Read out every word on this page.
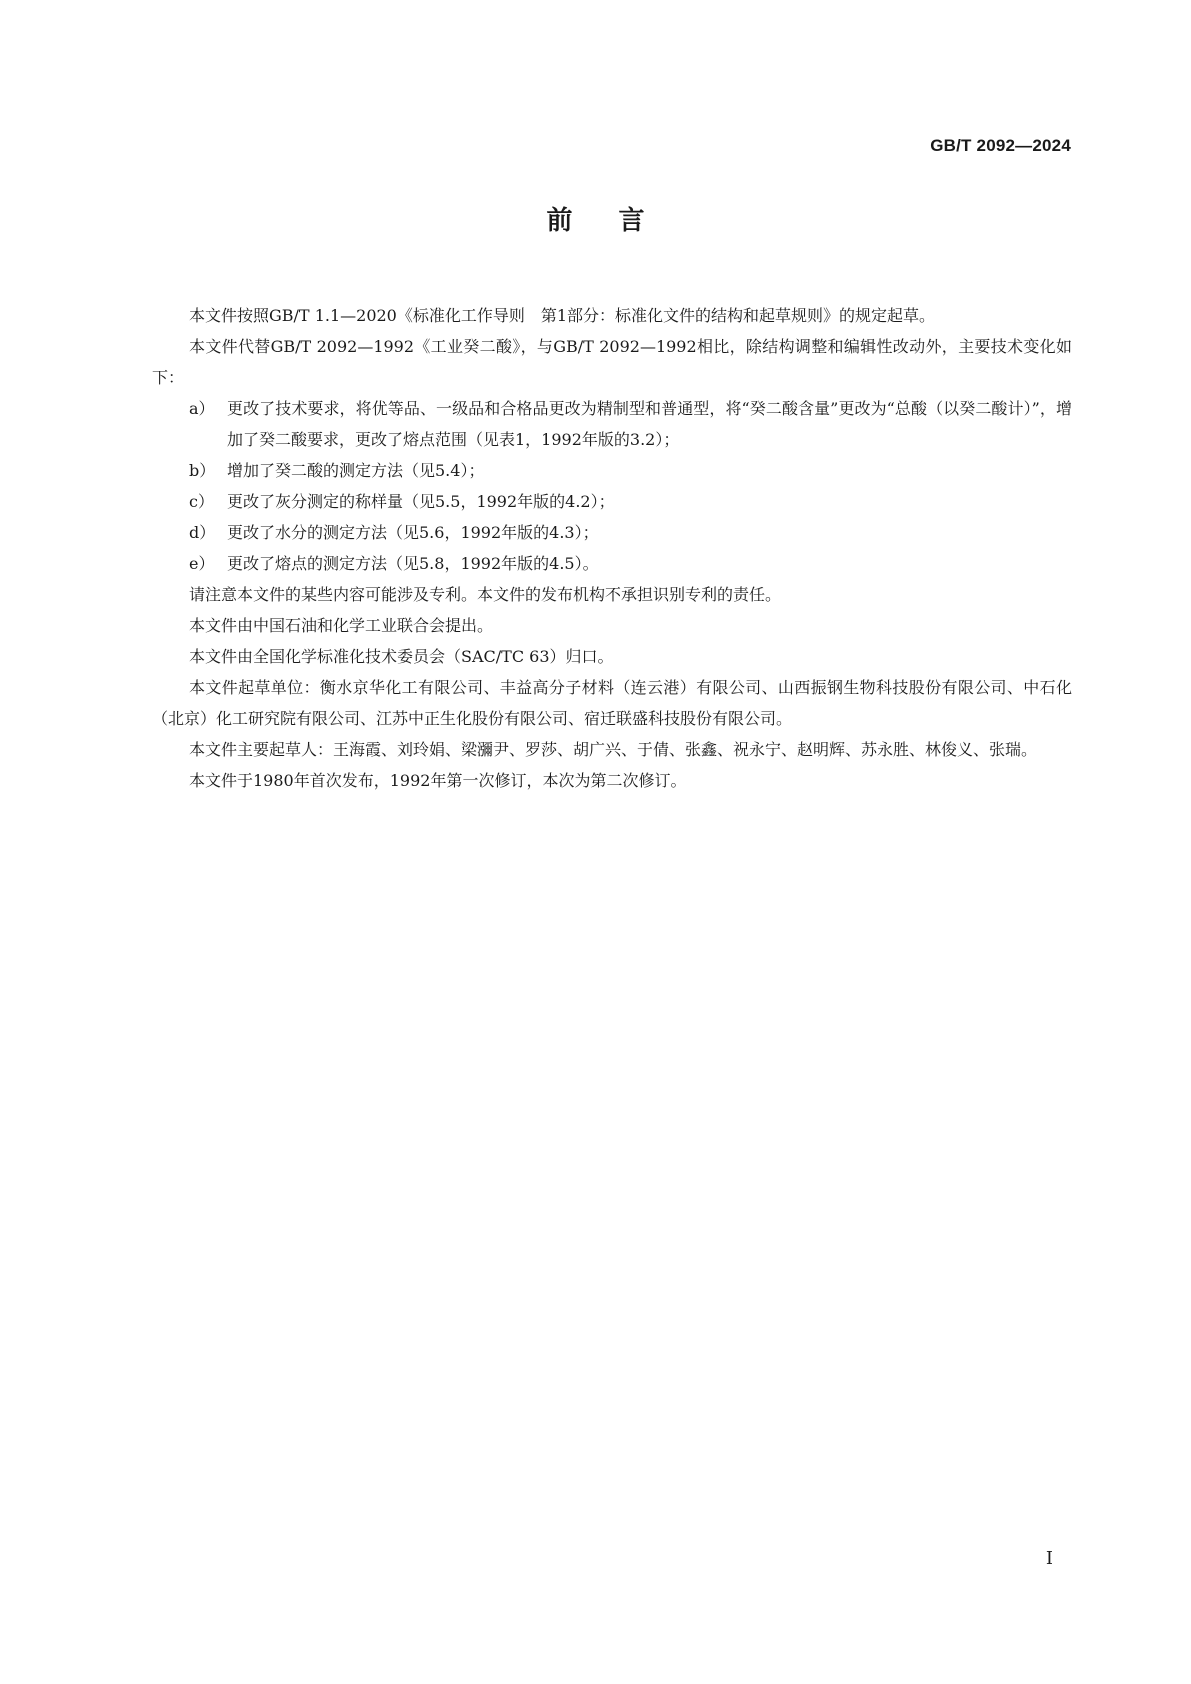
GB/T 2092—2024
前言

本文件按照GB/T 1.1—2020《标准化工作导则　第1部分：标准化文件的结构和起草规则》的规定起草。

本文件代替GB/T 2092—1992《工业癸二酸》，与GB/T 2092—1992相比，除结构调整和编辑性改动外，主要技术变化如下：

a） 更改了技术要求，将优等品、一级品和合格品更改为精制型和普通型，将“癸二酸含量”更改为“总酸（以癸二酸计）”，增加了癸二酸要求，更改了熔点范围（见表1，1992年版的3.2）；
b） 增加了癸二酸的测定方法（见5.4）；
c） 更改了灰分测定的称样量（见5.5，1992年版的4.2）；
d） 更改了水分的测定方法（见5.6，1992年版的4.3）；
e） 更改了熔点的测定方法（见5.8，1992年版的4.5）。

请注意本文件的某些内容可能涉及专利。本文件的发布机构不承担识别专利的责任。

本文件由中国石油和化学工业联合会提出。

本文件由全国化学标准化技术委员会（SAC/TC 63）归口。

本文件起草单位：衡水京华化工有限公司、丰益高分子材料（连云港）有限公司、山西振钢生物科技股份有限公司、中石化（北京）化工研究院有限公司、江苏中正生化股份有限公司、宿迁联盛科技股份有限公司。

本文件主要起草人：王海霞、刘玲娟、梁瀰尹、罗莎、胡广兴、于倩、张鑫、祝永宁、赵明辉、苏永胜、林俊义、张瑞。

本文件于1980年首次发布，1992年第一次修订，本次为第二次修订。

I
